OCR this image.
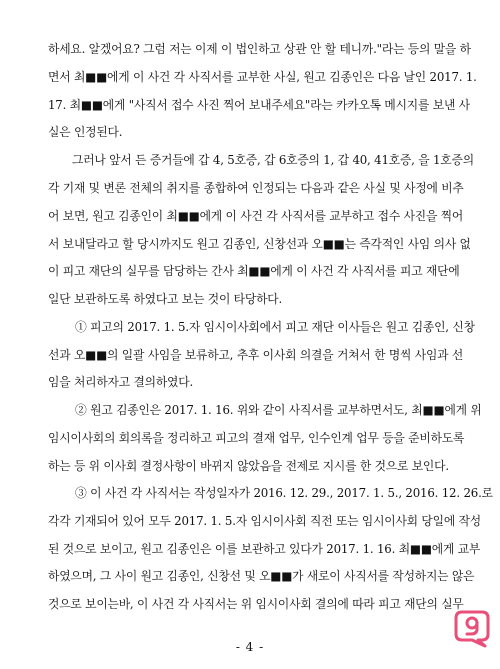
하세요. 알겠어요? 그럼 저는 이제 이 법인하고 상관 안 할 테니까."라는 등의 말을 하
면서 최■■에게 이 사건 각 사직서를 교부한 사실, 원고 김종인은 다음 날인 2017. 1.
17. 최■■에게 "사직서 접수 사진 찍어 보내주세요"라는 카카오톡 메시지를 보낸 사
실은 인정된다.
그러나 앞서 든 증거들에 갑 4, 5호증, 갑 6호증의 1, 갑 40, 41호증, 을 1호증의
각 기재 및 변론 전체의 취지를 종합하여 인정되는 다음과 같은 사실 및 사정에 비추
어 보면, 원고 김종인이 최■■에게 이 사건 각 사직서를 교부하고 접수 사진을 찍어
서 보내달라고 할 당시까지도 원고 김종인, 신창선과 오■■는 즉각적인 사임 의사 없
이 피고 재단의 실무를 담당하는 간사 최■■에게 이 사건 각 사직서를 피고 재단에
일단 보관하도록 하였다고 보는 것이 타당하다.
① 피고의 2017. 1. 5.자 임시이사회에서 피고 재단 이사들은 원고 김종인, 신창
선과 오■■의 일괄 사임을 보류하고, 추후 이사회 의결을 거쳐서 한 명씩 사임과 선
임을 처리하자고 결의하였다.
② 원고 김종인은 2017. 1. 16. 위와 같이 사직서를 교부하면서도, 최■■에게 위
임시이사회의 회의록을 정리하고 피고의 결재 업무, 인수인계 업무 등을 준비하도록
하는 등 위 이사회 결정사항이 바뀌지 않았음을 전제로 지시를 한 것으로 보인다.
③ 이 사건 각 사직서는 작성일자가 2016. 12. 29., 2017. 1. 5., 2016. 12. 26.로
각각 기재되어 있어 모두 2017. 1. 5.자 임시이사회 직전 또는 임시이사회 당일에 작성
된 것으로 보이고, 원고 김종인은 이를 보관하고 있다가 2017. 1. 16. 최■■에게 교부
하였으며, 그 사이 원고 김종인, 신창선 및 오■■가 새로이 사직서를 작성하지는 않은
것으로 보이는바, 이 사건 각 사직서는 위 임시이사회 결의에 따라 피고 재단의 실무
- 4 -
